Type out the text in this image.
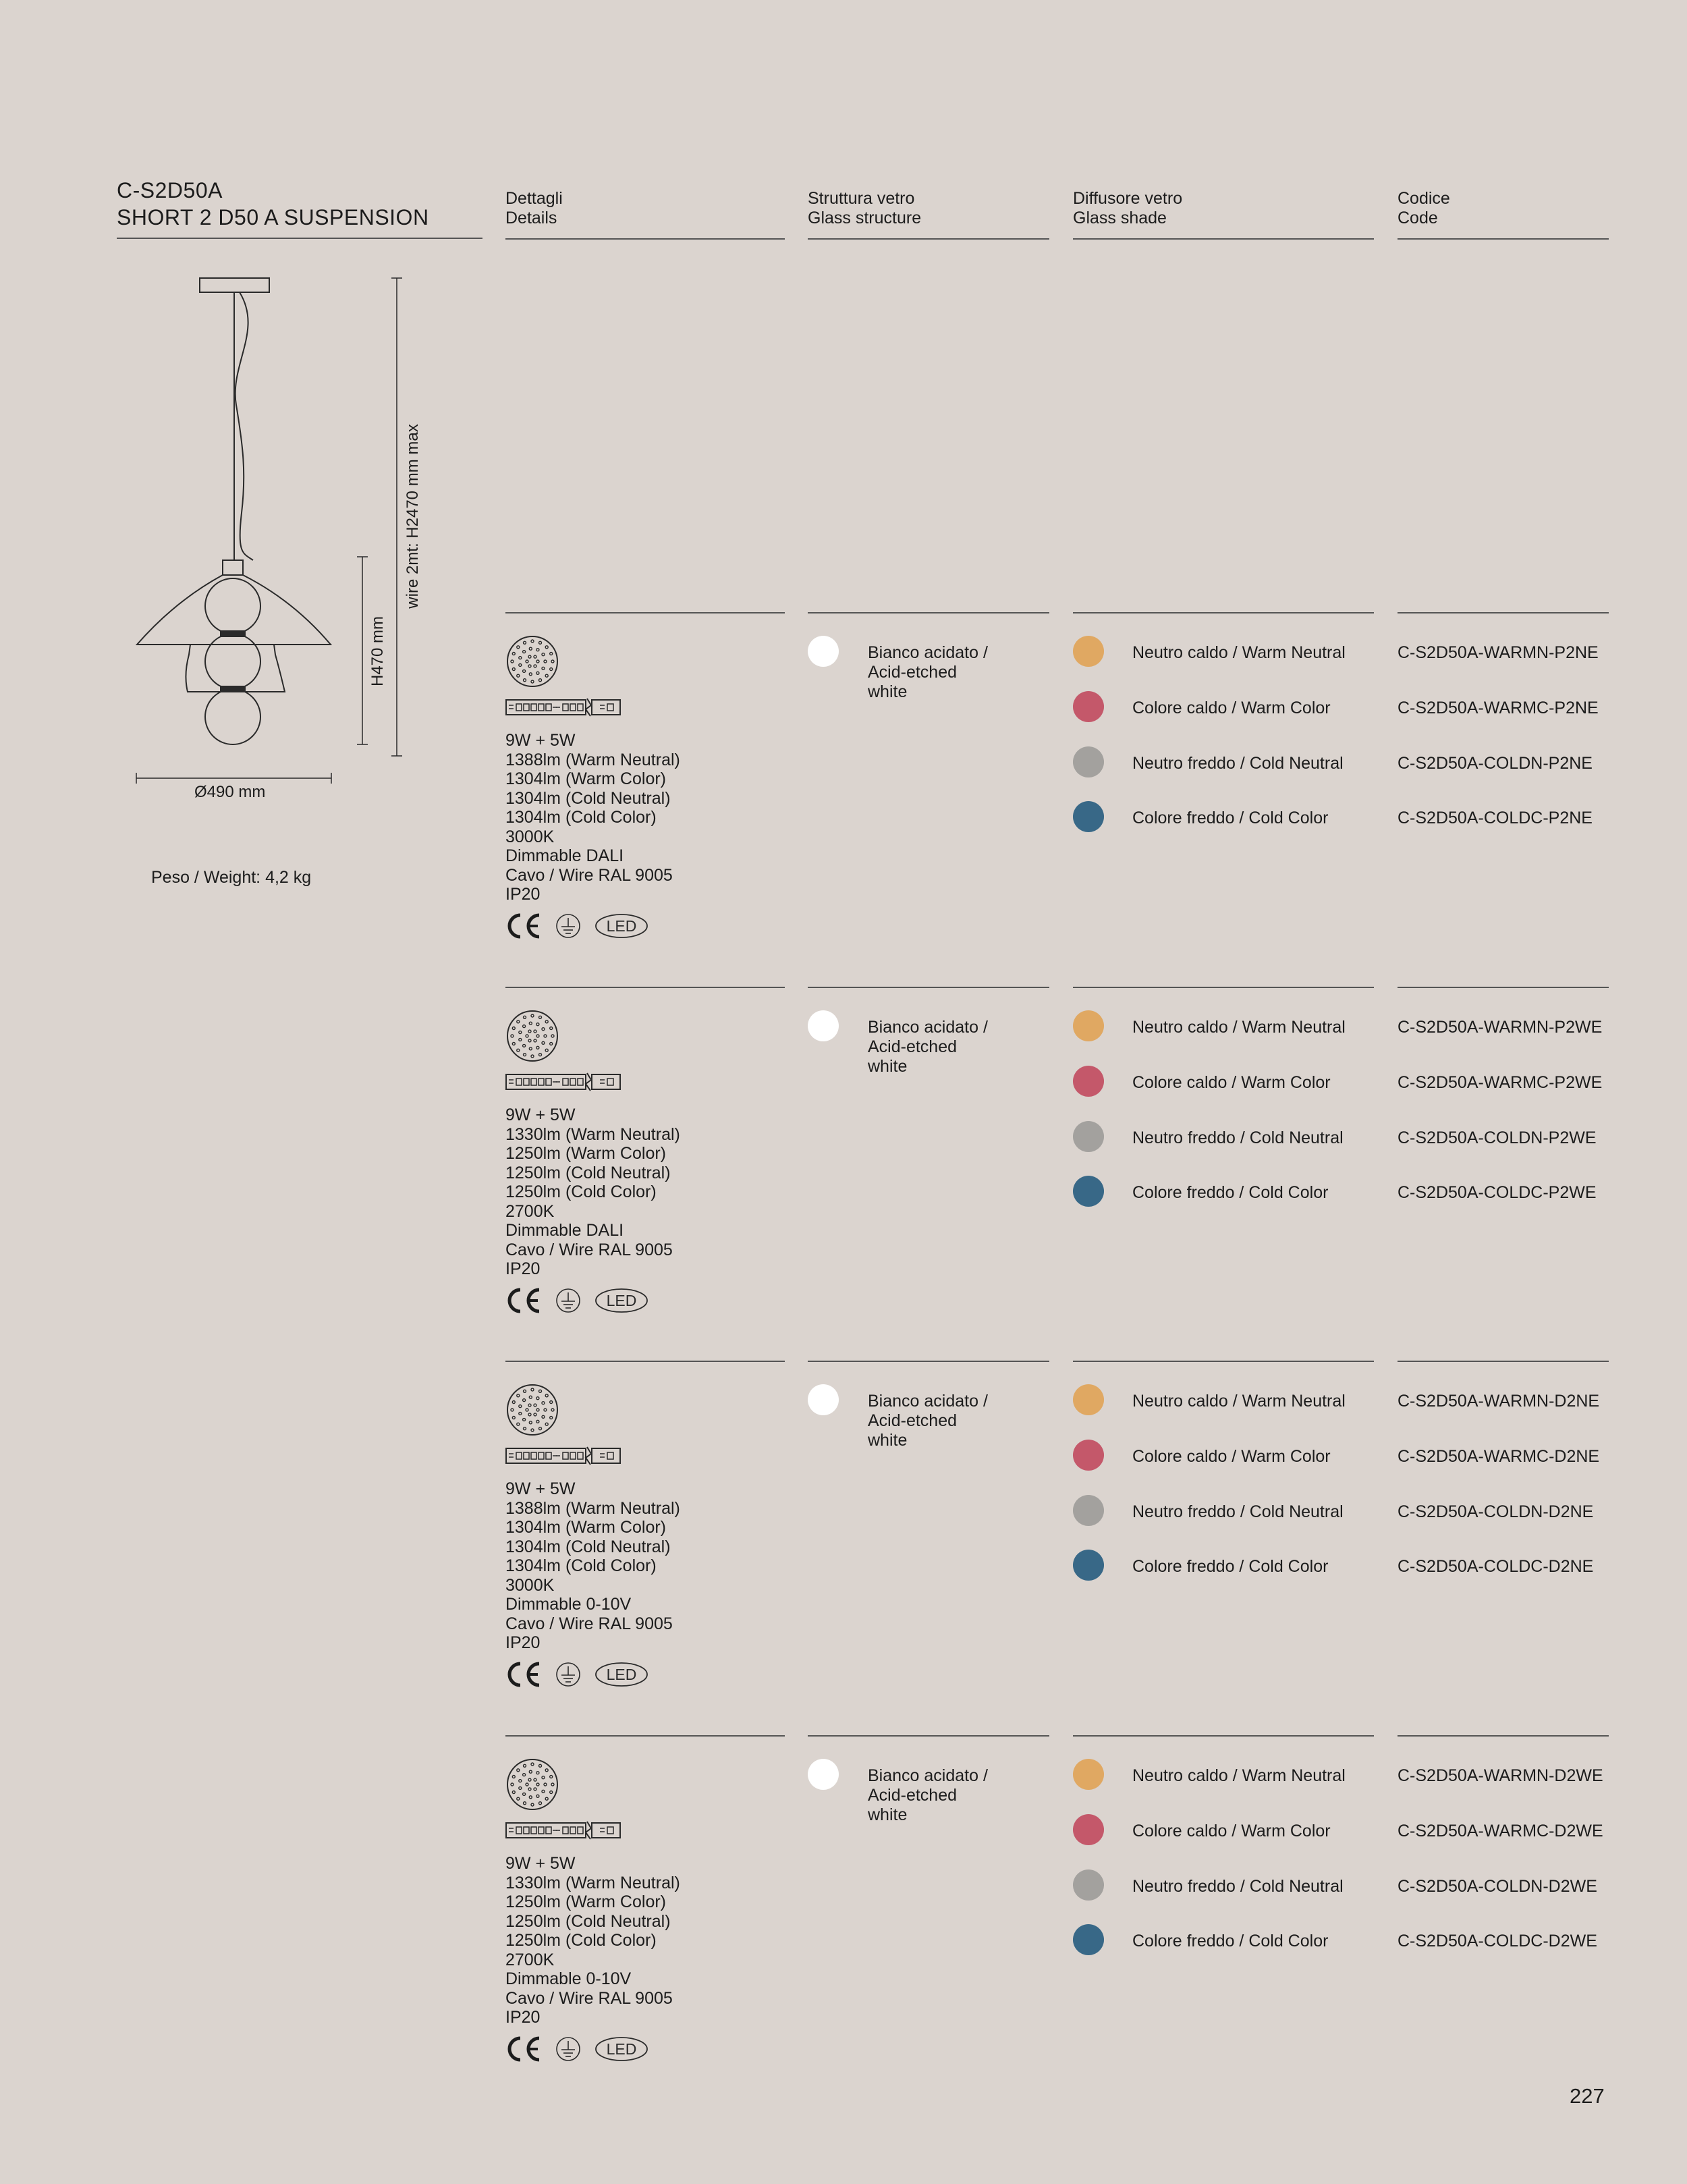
C-S2D50A
SHORT 2 D50 A SUSPENSION
Dettagli
Details
Struttura vetro
Glass structure
Diffusore vetro
Glass shade
Codice
Code
Ø490 mm
H470 mm
wire 2mt: H2470 mm max
Peso / Weight: 4,2 kg
9W + 5W
1388lm (Warm Neutral)
1304lm (Warm Color)
1304lm (Cold Neutral)
1304lm (Cold Color)
3000K
Dimmable DALI
Cavo / Wire RAL 9005
IP20
LED
Bianco acidato /
Acid-etched
white
Neutro caldo / Warm Neutral
Colore caldo / Warm Color
Neutro freddo / Cold Neutral
Colore freddo / Cold Color
C-S2D50A-WARMN-P2NE
C-S2D50A-WARMC-P2NE
C-S2D50A-COLDN-P2NE
C-S2D50A-COLDC-P2NE
9W + 5W
1330lm (Warm Neutral)
1250lm (Warm Color)
1250lm (Cold Neutral)
1250lm (Cold Color)
2700K
Dimmable DALI
Cavo / Wire RAL 9005
IP20
LED
Bianco acidato /
Acid-etched
white
Neutro caldo / Warm Neutral
Colore caldo / Warm Color
Neutro freddo / Cold Neutral
Colore freddo / Cold Color
C-S2D50A-WARMN-P2WE
C-S2D50A-WARMC-P2WE
C-S2D50A-COLDN-P2WE
C-S2D50A-COLDC-P2WE
9W + 5W
1388lm (Warm Neutral)
1304lm (Warm Color)
1304lm (Cold Neutral)
1304lm (Cold Color)
3000K
Dimmable 0-10V
Cavo / Wire RAL 9005
IP20
LED
Bianco acidato /
Acid-etched
white
Neutro caldo / Warm Neutral
Colore caldo / Warm Color
Neutro freddo / Cold Neutral
Colore freddo / Cold Color
C-S2D50A-WARMN-D2NE
C-S2D50A-WARMC-D2NE
C-S2D50A-COLDN-D2NE
C-S2D50A-COLDC-D2NE
9W + 5W
1330lm (Warm Neutral)
1250lm (Warm Color)
1250lm (Cold Neutral)
1250lm (Cold Color)
2700K
Dimmable 0-10V
Cavo / Wire RAL 9005
IP20
LED
Bianco acidato /
Acid-etched
white
Neutro caldo / Warm Neutral
Colore caldo / Warm Color
Neutro freddo / Cold Neutral
Colore freddo / Cold Color
C-S2D50A-WARMN-D2WE
C-S2D50A-WARMC-D2WE
C-S2D50A-COLDN-D2WE
C-S2D50A-COLDC-D2WE
227
